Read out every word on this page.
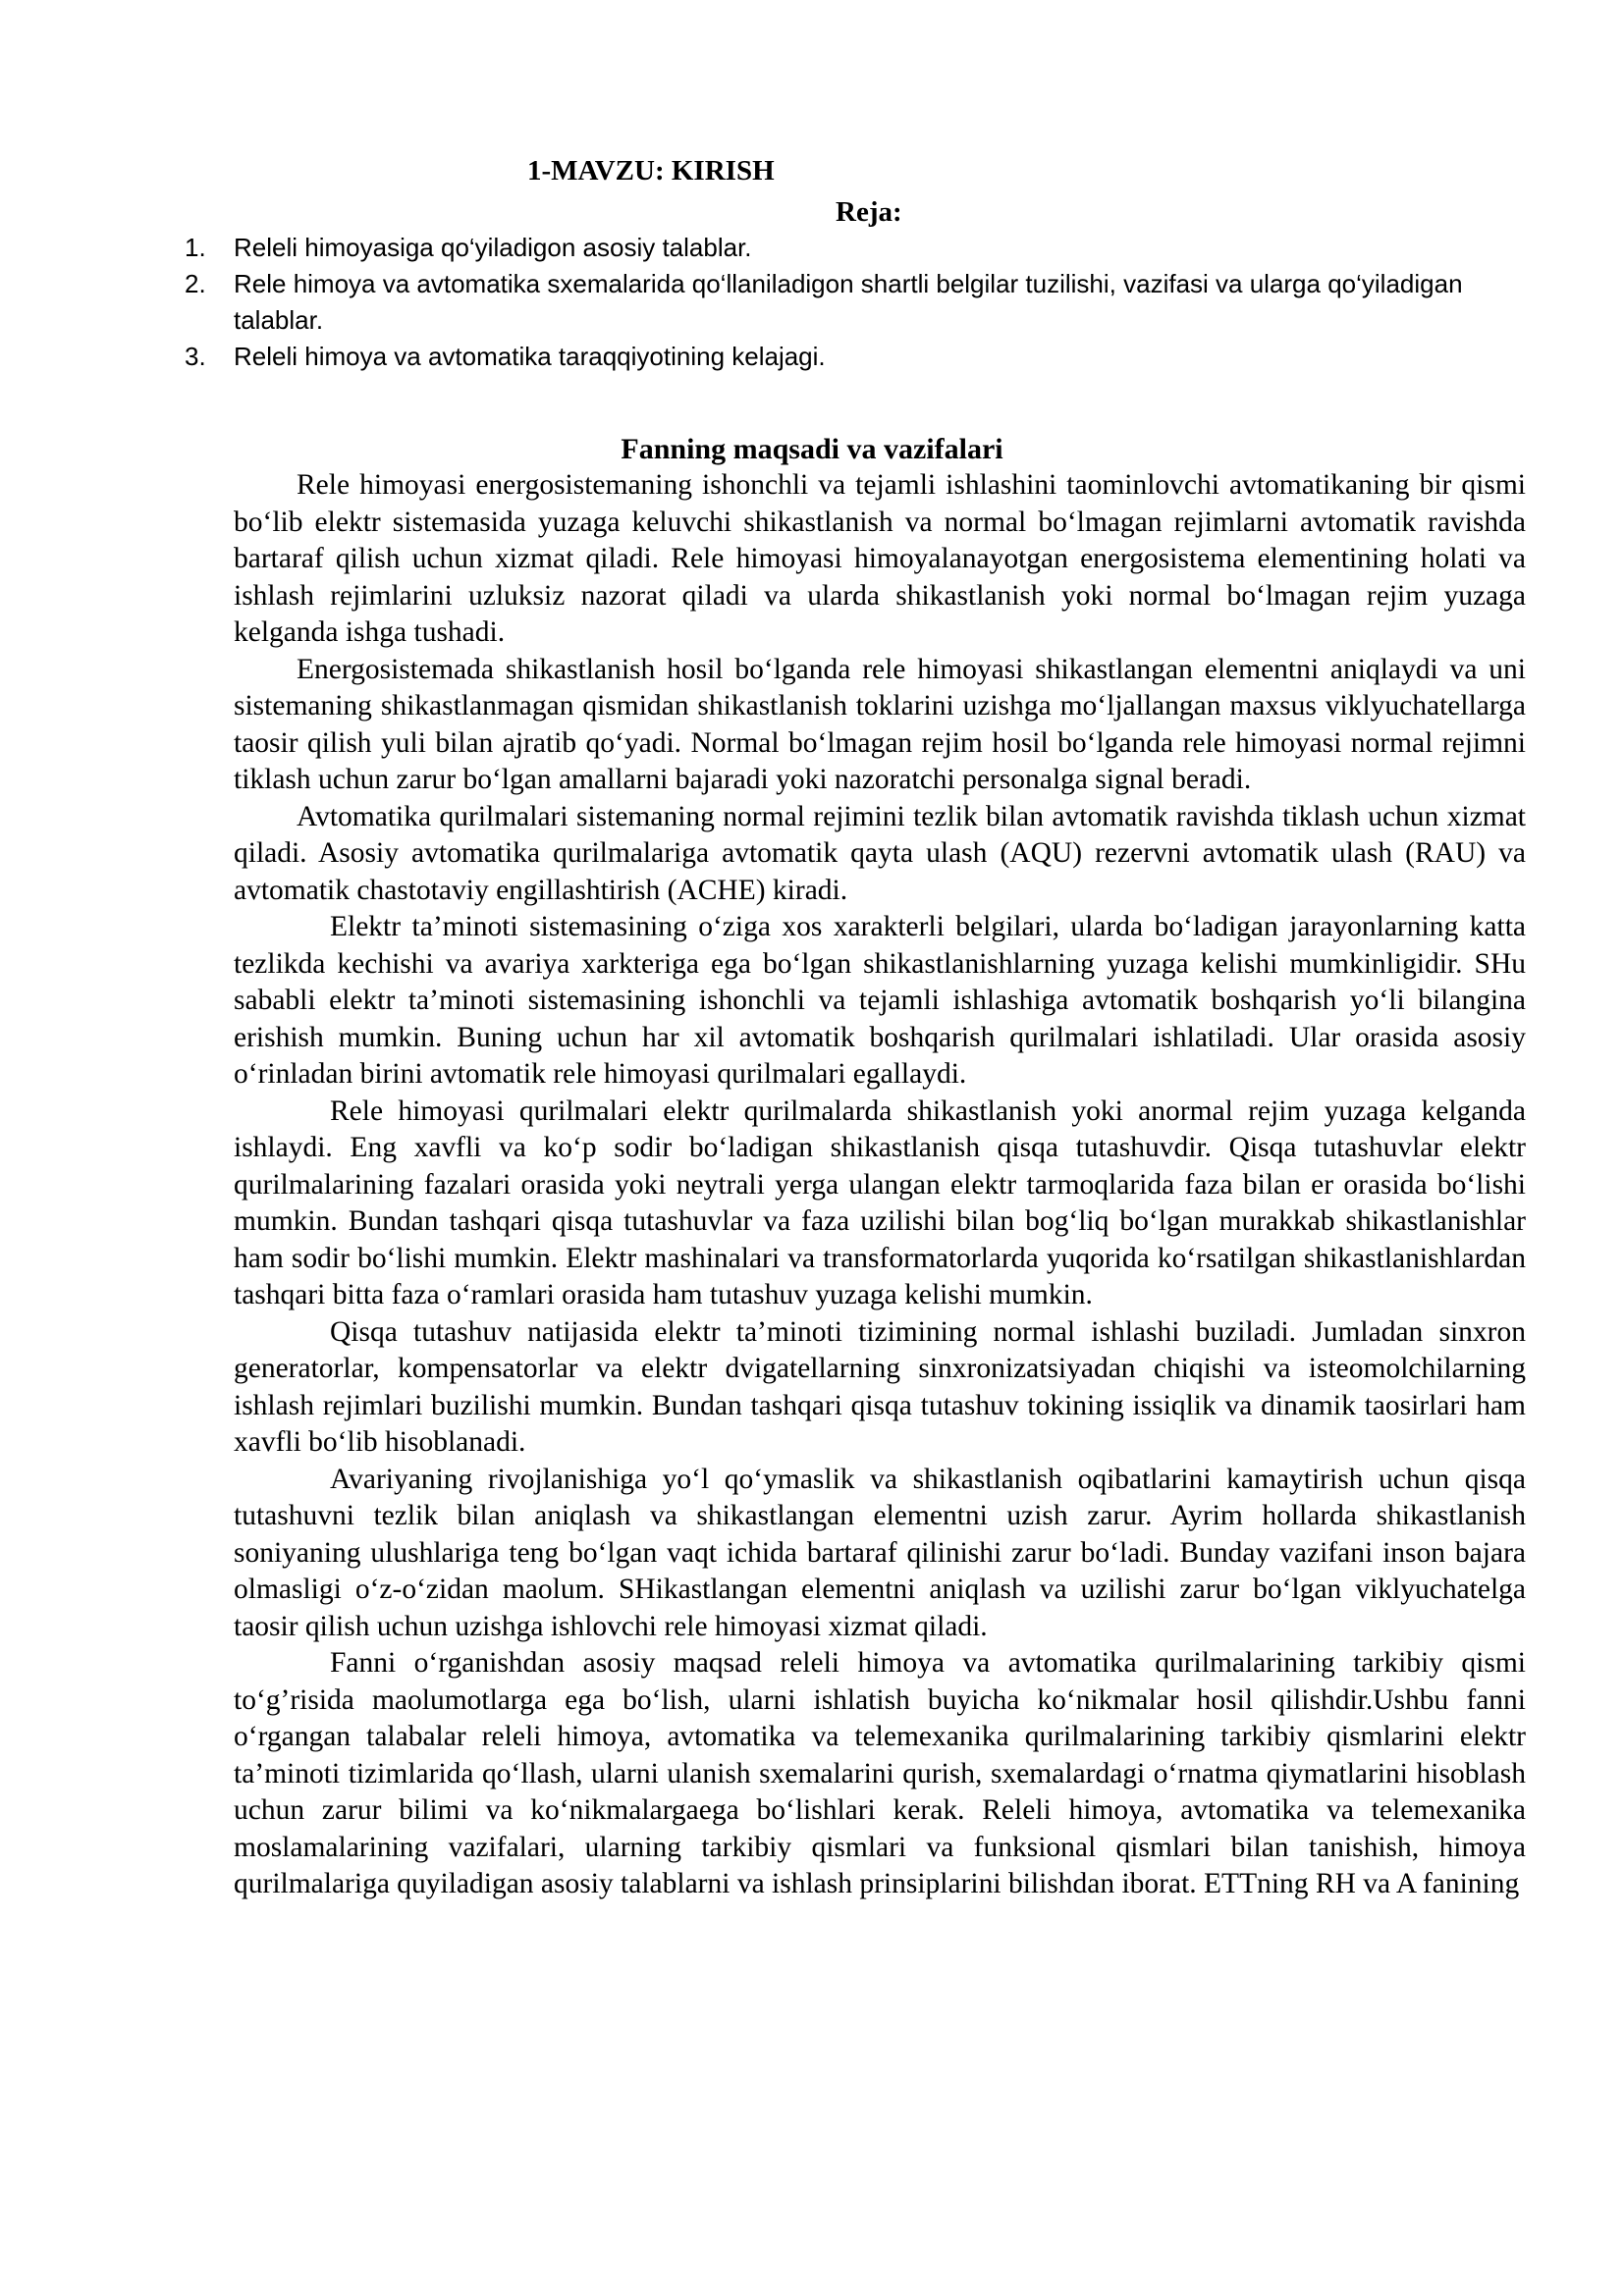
1-MAVZU: KIRISH
Reja:
1. Releli himoyasiga qo‘yiladigon asosiy talablar.
2. Rele himoya va avtomatika sxemalarida qo‘llaniladigon shartli belgilar tuzilishi, vazifasi va ularga qo‘yiladigan talablar.
3. Releli himoya va avtomatika taraqqiyotining kelajagi.
Fanning maqsadi va vazifalari

Rele himoyasi energosistemaning ishonchli va tejamli ishlashini taominlovchi avtomatikaning bir qismi bo‘lib elektr sistemasida yuzaga keluvchi shikastlanish va normal bo‘lmagan rejimlarni avtomatik ravishda bartaraf qilish uchun xizmat qiladi. Rele himoyasi himoyalanayotgan energosistema elementining holati va ishlash rejimlarini uzluksiz nazorat qiladi va ularda shikastlanish yoki normal bo‘lmagan rejim yuzaga kelganda ishga tushadi.

Energosistemada shikastlanish hosil bo‘lganda rele himoyasi shikastlangan elementni aniqlaydi va uni sistemaning shikastlanmagan qismidan shikastlanish toklarini uzishga mo‘ljallangan maxsus viklyuchatellarga taosir qilish yuli bilan ajratib qo‘yadi. Normal bo‘lmagan rejim hosil bo‘lganda rele himoyasi normal rejimni tiklash uchun zarur bo‘lgan amallarni bajaradi yoki nazoratchi personalga signal beradi.

Avtomatika qurilmalari sistemaning normal rejimini tezlik bilan avtomatik ravishda tiklash uchun xizmat qiladi. Asosiy avtomatika qurilmalariga avtomatik qayta ulash (AQU) rezervni avtomatik ulash (RAU) va avtomatik chastotaviy engillashtirish (ACHE) kiradi.

Elektr ta’minoti sistemasining o‘ziga xos xarakterli belgilari, ularda bo‘ladigan jarayonlarning katta tezlikda kechishi va avariya xarkteriga ega bo‘lgan shikastlanishlarning yuzaga kelishi mumkinligidir. SHu sababli elektr ta’minoti sistemasining ishonchli va tejamli ishlashiga avtomatik boshqarish yo‘li bilangina erishish mumkin. Buning uchun har xil avtomatik boshqarish qurilmalari ishlatiladi. Ular orasida asosiy o‘rinladan birini avtomatik rele himoyasi qurilmalari egallaydi.

Rele himoyasi qurilmalari elektr qurilmalarda shikastlanish yoki anormal rejim yuzaga kelganda ishlaydi. Eng xavfli va ko‘p sodir bo‘ladigan shikastlanish qisqa tutashuvdir. Qisqa tutashuvlar elektr qurilmalarining fazalari orasida yoki neytrali yerga ulangan elektr tarmoqlarida faza bilan er orasida bo‘lishi mumkin. Bundan tashqari qisqa tutashuvlar va faza uzilishi bilan bog‘liq bo‘lgan murakkab shikastlanishlar ham sodir bo‘lishi mumkin. Elektr mashinalari va transformatorlarda yuqorida ko‘rsatilgan shikastlanishlardan tashqari bitta faza o‘ramlari orasida ham tutashuv yuzaga kelishi mumkin.

Qisqa tutashuv natijasida elektr ta’minoti tizimining normal ishlashi buziladi. Jumladan sinxron generatorlar, kompensatorlar va elektr dvigatellarning sinxronizatsiyadan chiqishi va isteomolchilarning ishlash rejimlari buzilishi mumkin. Bundan tashqari qisqa tutashuv tokining issiqlik va dinamik taosirlari ham xavfli bo‘lib hisoblanadi.

Avariyaning rivojlanishiga yo‘l qo‘ymaslik va shikastlanish oqibatlarini kamaytirish uchun qisqa tutashuvni tezlik bilan aniqlash va shikastlangan elementni uzish zarur. Ayrim hollarda shikastlanish soniyaning ulushlariga teng bo‘lgan vaqt ichida bartaraf qilinishi zarur bo‘ladi. Bunday vazifani inson bajara olmasligi o‘z-o‘zidan maolum. SHikastlangan elementni aniqlash va uzilishi zarur bo‘lgan viklyuchatelga taosir qilish uchun uzishga ishlovchi rele himoyasi xizmat qiladi.

Fanni o‘rganishdan asosiy maqsad releli himoya va avtomatika qurilmalarining tarkibiy qismi to‘g’risida maolumotlarga ega bo‘lish, ularni ishlatish buyicha ko‘nikmalar hosil qilishdir.Ushbu fanni o‘rgangan talabalar releli himoya, avtomatika va telemexanika qurilmalarining tarkibiy qismlarini elektr ta’minoti tizimlarida qo‘llash, ularni ulanish sxemalarini qurish, sxemalardagi o‘rnatma qiymatlarini hisoblash uchun zarur bilimi va ko‘nikmalargaega bo‘lishlari kerak. Releli himoya, avtomatika va telemexanika moslamalarining vazifalari, ularning tarkibiy qismlari va funksional qismlari bilan tanishish, himoya qurilmalariga quyiladigan asosiy talablarni va ishlash prinsiplarini bilishdan iborat. ETTning RH va A fanining
